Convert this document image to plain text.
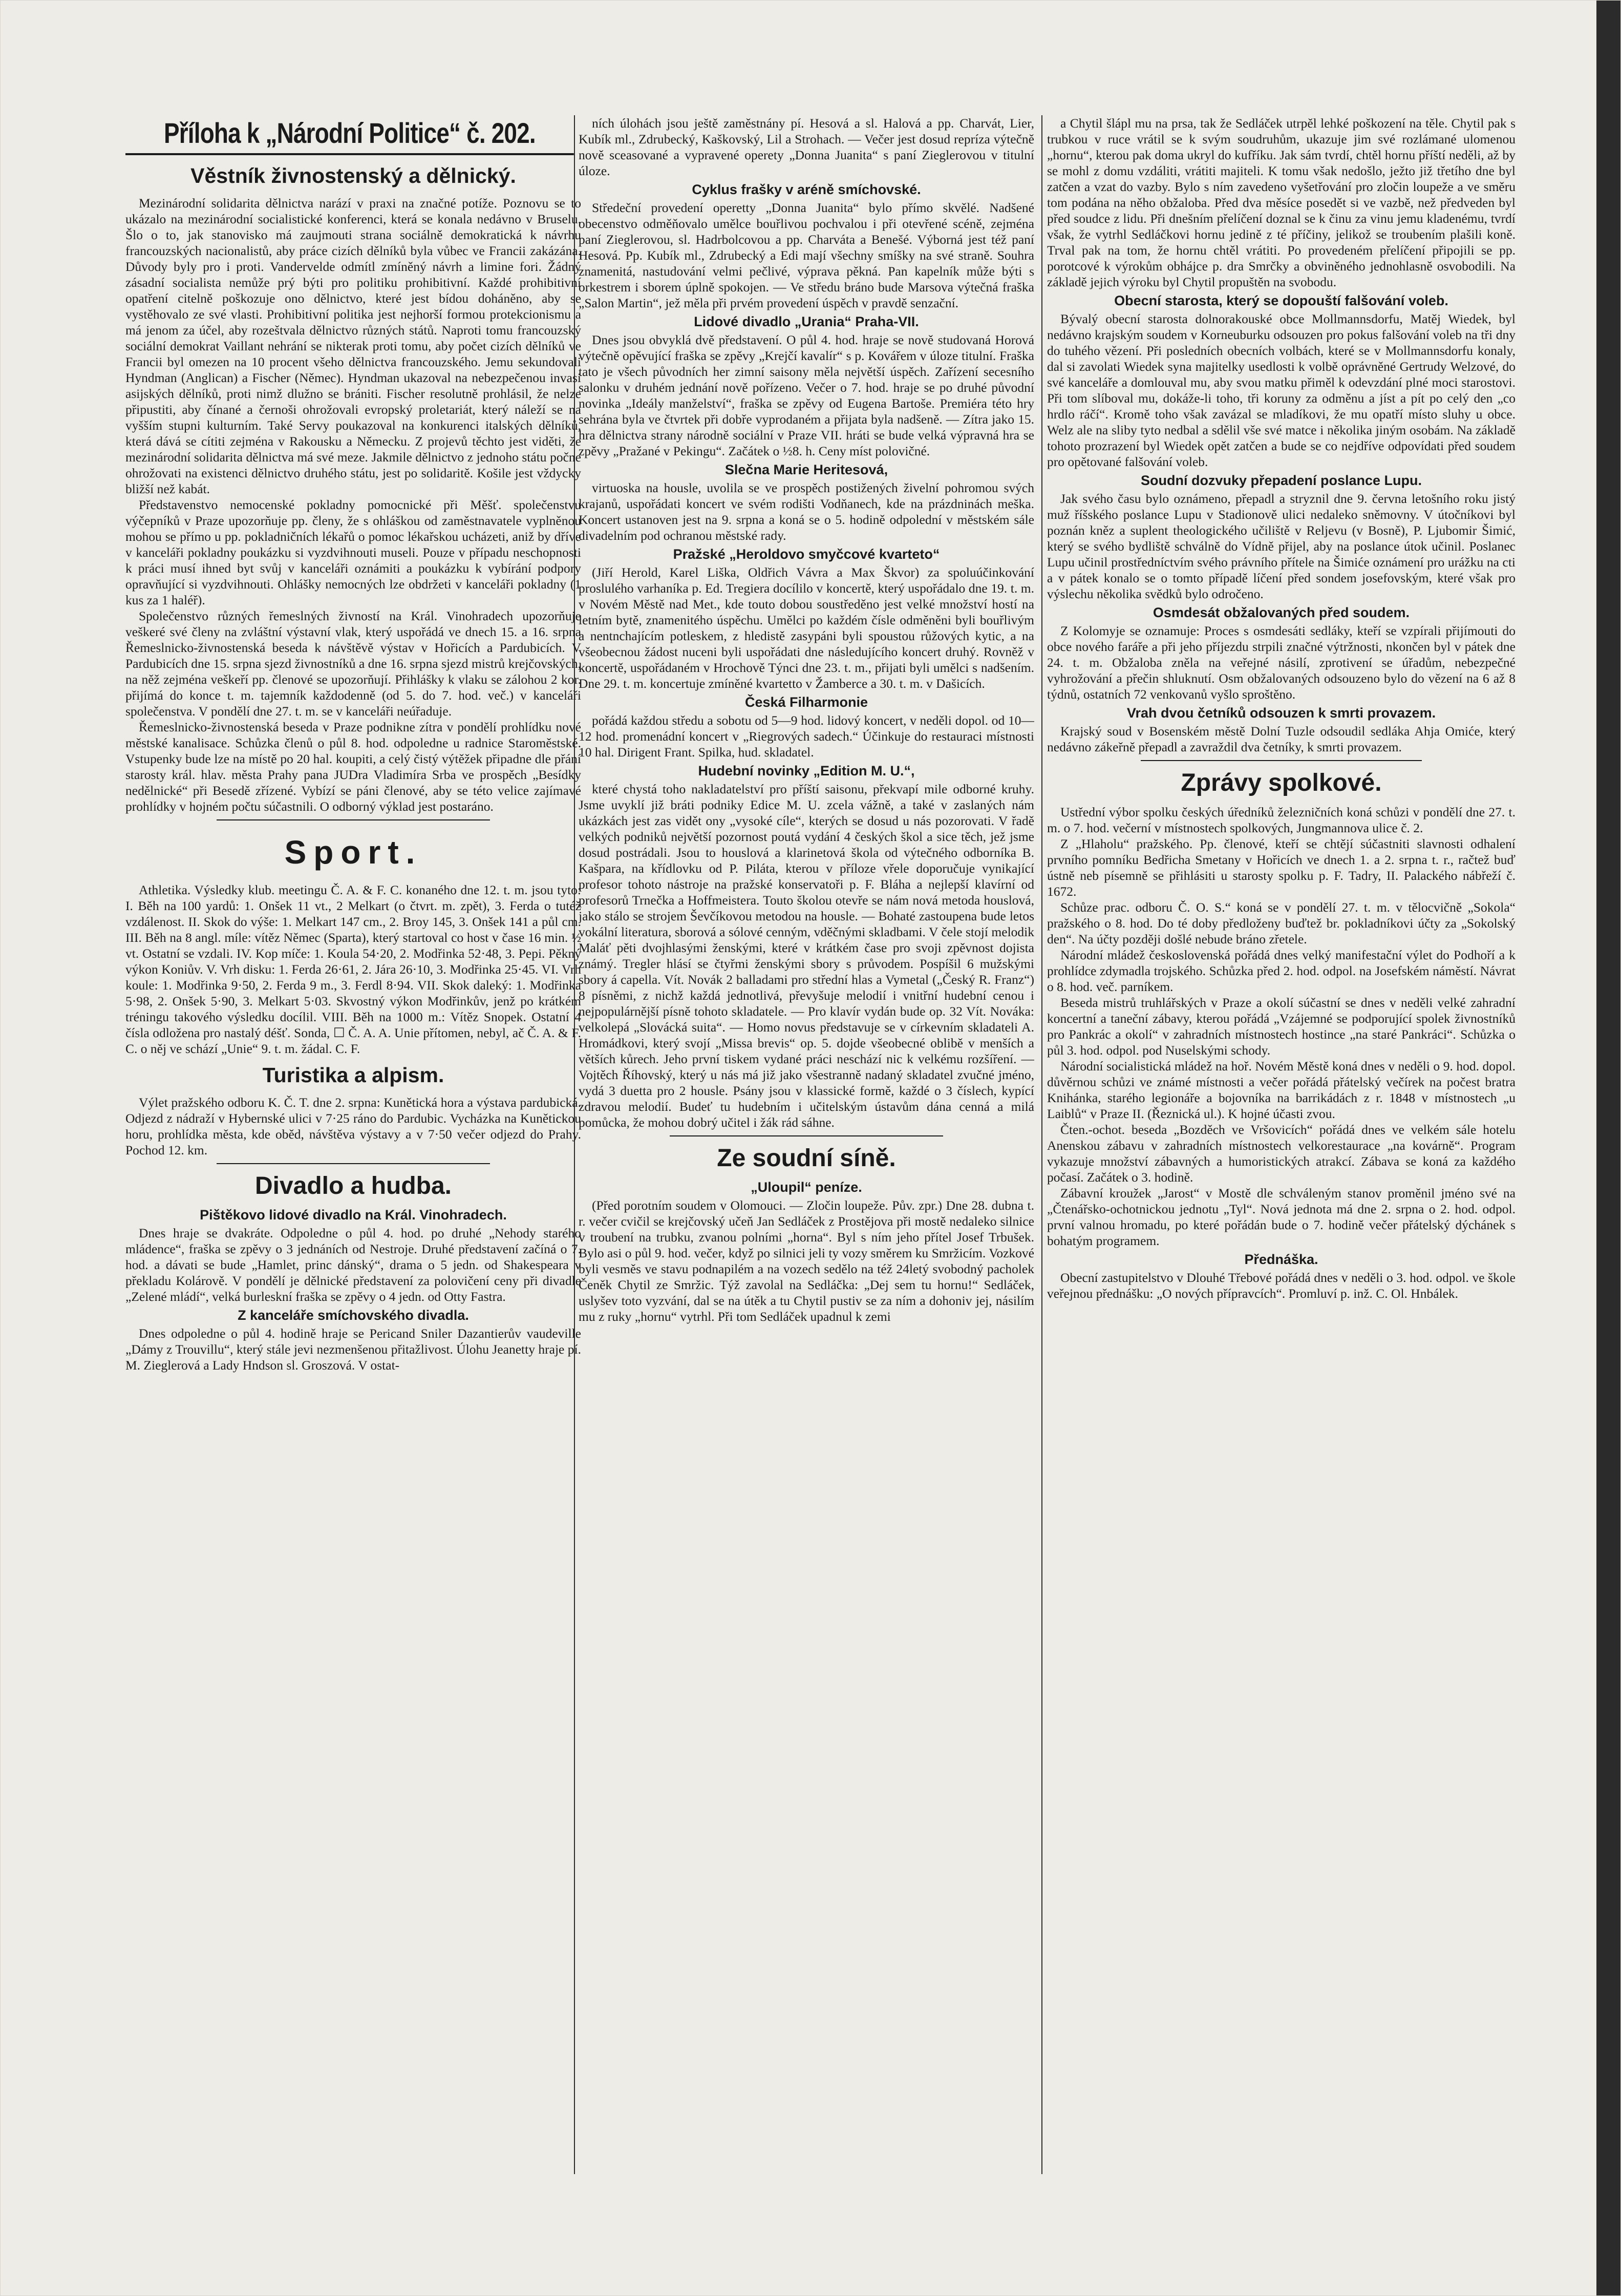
Příloha k „Národní Politice“ č. 202.
Věstník živnostenský a dělnický.

Mezinárodní solidarita dělnictva narází v praxi na značné potíže. Poznovu se to ukázalo na mezinárodní socialistické konferenci, která se konala nedávno v Bruselu. Šlo o to, jak stanovisko má zaujmouti strana sociálně demokratická k návrhu francouzských nacionalistů, aby práce cizích dělníků byla vůbec ve Francii zakázána. Důvody byly pro i proti. Vandervelde odmítl zmíněný návrh a limine fori. Žádný zásadní socialista nemůže prý býti pro politiku prohibitivní. Každé prohibitivní opatření citelně poškozuje ono dělnictvo, které jest bídou doháněno, aby se vystěhovalo ze své vlasti. Prohibitivní politika jest nejhorší formou protekcionismu a má jenom za účel, aby rozeštvala dělnictvo různých států. Naproti tomu francouzský sociální demokrat Vaillant nehrání se nikterak proti tomu, aby počet cizích dělníků ve Francii byl omezen na 10 procent všeho dělnictva francouzského. Jemu sekundovali Hyndman (Anglican) a Fischer (Němec). Hyndman ukazoval na nebezpečenou invasi asijských dělníků, proti nimž dlužno se brániti. Fischer resolutně prohlásil, že nelze připustiti, aby čínané a černoši ohrožovali evropský proletariát, který náleží se na vyšším stupni kulturním. Také Servy poukazoval na konkurenci italských dělníků, která dává se cítiti zejména v Rakousku a Německu. Z projevů těchto jest viděti, že mezinárodní solidarita dělnictva má své meze. Jakmile dělnictvo z jednoho státu počne ohrožovati na existenci dělnictvo druhého státu, jest po solidaritě. Košile jest vždycky bližší než kabát.

Představenstvo nemocenské pokladny pomocnické při Měšť. společenstvu výčepníků v Praze upozorňuje pp. členy, že s ohláškou od zaměstnavatele vyplněnou mohou se přímo u pp. pokladničních lékařů o pomoc lékařskou ucházeti, aniž by dříve v kanceláři pokladny poukázku si vyzdvihnouti museli. Pouze v případu neschopnosti k práci musí ihned byt svůj v kanceláři oznámiti a poukázku k vybírání podpory opravňující si vyzdvihnouti. Ohlášky nemocných lze obdržeti v kanceláři pokladny (1 kus za 1 haléř).

Společenstvo různých řemeslných živností na Král. Vinohradech upozorňuje veškeré své členy na zvláštní výstavní vlak, který uspořádá ve dnech 15. a 16. srpna Řemeslnicko-živnostenská beseda k návštěvě výstav v Hořicích a Pardubicích. V Pardubicích dne 15. srpna sjezd živnostníků a dne 16. srpna sjezd mistrů krejčovských, na něž zejména veškeří pp. členové se upozorňují. Přihlášky k vlaku se zálohou 2 kor. přijímá do konce t. m. tajemník každodenně (od 5. do 7. hod. več.) v kanceláři společenstva. V pondělí dne 27. t. m. se v kanceláři neúřaduje.

Řemeslnicko-živnostenská beseda v Praze podnikne zítra v pondělí prohlídku nové městské kanalisace. Schůzka členů o půl 8. hod. odpoledne u radnice Staroměstské. Vstupenky bude lze na místě po 20 hal. koupiti, a celý čistý výtěžek připadne dle přání starosty král. hlav. města Prahy pana JUDra Vladimíra Srba ve prospěch „Besídky nedělnické“ při Besedě zřízené. Vybízí se páni členové, aby se této velice zajímavé prohlídky v hojném počtu súčastnili. O odborný výklad jest postaráno.

Sport.

Athletika. Výsledky klub. meetingu Č. A. & F. C. konaného dne 12. t. m. jsou tyto: I. Běh na 100 yardů: 1. Onšek 11 vt., 2 Melkart (o čtvrt. m. zpět), 3. Ferda o tutéž vzdálenost. II. Skok do výše: 1. Melkart 147 cm., 2. Broy 145, 3. Onšek 141 a půl cm. III. Běh na 8 angl. míle: vítěz Němec (Sparta), který startoval co host v čase 16 min. ½ vt. Ostatní se vzdali. IV. Kop míče: 1. Koula 54·20, 2. Modřinka 52·48, 3. Pepi. Pěkný výkon Koniův. V. Vrh disku: 1. Ferda 26·61, 2. Jára 26·10, 3. Modřinka 25·45. VI. Vrh koule: 1. Modřinka 9·50, 2. Ferda 9 m., 3. Ferdl 8·94. VII. Skok daleký: 1. Modřinka 5·98, 2. Onšek 5·90, 3. Melkart 5·03. Skvostný výkon Modřinkův, jenž po krátkém tréningu takového výsledku docílil. VIII. Běh na 1000 m.: Vítěz Snopek. Ostatní 4 čísla odložena pro nastalý déšť. Sonda, ☐ Č. A. A. Unie přítomen, nebyl, ač Č. A. & F. C. o něj ve schází „Unie“ 9. t. m. žádal. C. F.

Turistika a alpism.

Výlet pražského odboru K. Č. T. dne 2. srpna: Kunětická hora a výstava pardubická. Odjezd z nádraží v Hybernské ulici v 7·25 ráno do Pardubic. Vycházka na Kunětickou horu, prohlídka města, kde oběd, návštěva výstavy a v 7·50 večer odjezd do Prahy. Pochod 12. km.

Divadlo a hudba.
Pištěkovo lidové divadlo na Král. Vinohradech.

Dnes hraje se dvakráte. Odpoledne o půl 4. hod. po druhé „Nehody starého mládence“, fraška se zpěvy o 3 jednáních od Nestroje. Druhé představení začíná o 7. hod. a dávati se bude „Hamlet, princ dánský“, drama o 5 jedn. od Shakespeara v překladu Kolárově. V pondělí je dělnické představení za polovičení ceny při divadle „Zelené mládí“, velká burleskní fraška se zpěvy o 4 jedn. od Otty Fastra.

Z kanceláře smíchovského divadla.

Dnes odpoledne o půl 4. hodině hraje se Pericand Sniler Dazantierův vaudeville „Dámy z Trouvillu“, který stále jevi nezmenšenou přitažlivost. Úlohu Jeanetty hraje pí. M. Zieglerová a Lady Hndson sl. Groszová. V ostat-

ních úlohách jsou ještě zaměstnány pí. Hesová a sl. Halová a pp. Charvát, Lier, Kubík ml., Zdrubecký, Kaškovský, Lil a Strohach. — Večer jest dosud repríza výtečně nově sceasované a vypravené operety „Donna Juanita“ s paní Zieglerovou v titulní úloze.

Cyklus frašky v aréně smíchovské.

Středeční provedení operetty „Donna Juanita“ bylo přímo skvělé. Nadšené obecenstvo odměňovalo umělce bouřlivou pochvalou i při otevřené scéně, zejména paní Zieglerovou, sl. Hadrbolcovou a pp. Charváta a Benešé. Výborná jest též paní Hesová. Pp. Kubík ml., Zdrubecký a Edi mají všechny smíšky na své straně. Souhra znamenitá, nastudování velmi pečlivé, výprava pěkná. Pan kapelník může býti s orkestrem i sborem úplně spokojen. — Ve středu bráno bude Marsova výtečná fraška „Salon Martin“, jež měla při prvém provedení úspěch v pravdě senzační.

Lidové divadlo „Urania“ Praha-VII.

Dnes jsou obvyklá dvě představení. O půl 4. hod. hraje se nově studovaná Horová výtečně opěvující fraška se zpěvy „Krejčí kavalír“ s p. Kovářem v úloze titulní. Fraška tato je všech původních her zimní saisony měla největší úspěch. Zařízení secesního salonku v druhém jednání nově pořízeno. Večer o 7. hod. hraje se po druhé původní novinka „Ideály manželství“, fraška se zpěvy od Eugena Bartoše. Premiéra této hry sehrána byla ve čtvrtek při dobře vyprodaném a přijata byla nadšeně. — Zítra jako 15. hra dělnictva strany národně sociální v Praze VII. hráti se bude velká výpravná hra se zpěvy „Pražané v Pekingu“. Začátek o ½8. h. Ceny míst polovičné.

Slečna Marie Heritesová,

virtuoska na housle, uvolila se ve prospěch postižených živelní pohromou svých krajanů, uspořádati koncert ve svém rodišti Vodňanech, kde na prázdninách meška. Koncert ustanoven jest na 9. srpna a koná se o 5. hodině odpolední v městském sále divadelním pod ochranou městské rady.

Pražské „Heroldovo smyčcové kvarteto“

(Jiří Herold, Karel Liška, Oldřich Vávra a Max Škvor) za spoluúčinkování proslulého varhaníka p. Ed. Tregiera docílilo v koncertě, který uspořádalo dne 19. t. m. v Novém Městě nad Met., kde touto dobou soustředěno jest velké množství hostí na letním bytě, znamenitého úspěchu. Umělci po každém čísle odměněni byli bouřlivým a nentnchajícím potleskem, z hledistě zasypáni byli spoustou růžových kytic, a na všeobecnou žádost nuceni byli uspořádati dne následujícího koncert druhý. Rovněž v koncertě, uspořádaném v Hrochově Týnci dne 23. t. m., přijati byli umělci s nadšením. Dne 29. t. m. koncertuje zmíněné kvartetto v Žamberce a 30. t. m. v Dašicích.

Česká Filharmonie

pořádá každou středu a sobotu od 5—9 hod. lidový koncert, v neděli dopol. od 10—12 hod. promenádní koncert v „Riegrových sadech.“ Účinkuje do restauraci místnosti 10 hal. Dirigent Frant. Spilka, hud. skladatel.

Hudební novinky „Edition M. U.“,

které chystá toho nakladatelství pro příští saisonu, překvapí mile odborné kruhy. Jsme uvyklí již bráti podniky Edice M. U. zcela vážně, a také v zaslaných nám ukázkách jest zas vidět ony „vysoké cíle“, kterých se dosud u nás pozorovati. V řadě velkých podniků největší pozornost poutá vydání 4 českých škol a sice těch, jež jsme dosud postrádali. Jsou to houslová a klarinetová škola od výtečného odborníka B. Kašpara, na křídlovku od P. Piláta, kterou v příloze vřele doporučuje vynikající profesor tohoto nástroje na pražské konservatoři p. F. Bláha a nejlepší klavírní od profesorů Trnečka a Hoffmeistera. Touto školou otevře se nám nová metoda houslová, jako stálo se strojem Ševčíkovou metodou na housle. — Bohaté zastoupena bude letos vokální literatura, sborová a sólové cenným, vděčnými skladbami. V čele stojí melodik Maláť pěti dvojhlasými ženskými, které v krátkém čase pro svoji zpěvnost dojista známý. Tregler hlásí se čtyřmi ženskými sbory s průvodem. Pospíšil 6 mužskými sbory á capella. Vít. Novák 2 balladami pro střední hlas a Vymetal („Český R. Franz“) 8 písněmi, z nichž každá jednotlivá, převyšuje melodií i vnitřní hudební cenou i nejpopulárnější písně tohoto skladatele. — Pro klavír vydán bude op. 32 Vít. Nováka: velkolepá „Slovácká suita“. — Homo novus představuje se v církevním skladateli A. Hromádkovi, který svojí „Missa brevis“ op. 5. dojde všeobecné oblibě v menších a větších kůrech. Jeho první tiskem vydané práci neschází nic k velkému rozšíření. — Vojtěch Říhovský, který u nás má již jako všestranně nadaný skladatel zvučné jméno, vydá 3 duetta pro 2 housle. Psány jsou v klassické formě, každé o 3 číslech, kypící zdravou melodií. Budeť tu hudebním i učitelským ústavům dána cenná a milá pomůcka, že mohou dobrý učitel i žák rád sáhne.

Ze soudní síně.
„Uloupil“ peníze.

(Před porotním soudem v Olomouci. — Zločin loupeže. Pův. zpr.) Dne 28. dubna t. r. večer cvičil se krejčovský učeň Jan Sedláček z Prostějova při mostě nedaleko silnice v troubení na trubku, zvanou polními „horna“. Byl s ním jeho přítel Josef Trbušek. Bylo asi o půl 9. hod. večer, když po silnici jeli ty vozy směrem ku Smržicím. Vozkové byli vesměs ve stavu podnapilém a na vozech sedělo na též 24letý svobodný pacholek Čeněk Chytil ze Smržic. Týž zavolal na Sedláčka: „Dej sem tu hornu!“ Sedláček, uslyšev toto vyzvání, dal se na útěk a tu Chytil pustiv se za ním a dohoniv jej, násilím mu z ruky „hornu“ vytrhl. Při tom Sedláček upadnul k zemi

a Chytil šlápl mu na prsa, tak že Sedláček utrpěl lehké poškození na těle. Chytil pak s trubkou v ruce vrátil se k svým soudruhům, ukazuje jim své rozlámané ulomenou „hornu“, kterou pak doma ukryl do kufříku. Jak sám tvrdí, chtěl hornu příští neděli, až by se mohl z domu vzdáliti, vrátiti majiteli. K tomu však nedošlo, ježto již třetího dne byl zatčen a vzat do vazby. Bylo s ním zavedeno vyšetřování pro zločin loupeže a ve směru tom podána na něho obžaloba. Před dva měsíce posedět si ve vazbě, než předveden byl před soudce z lidu. Při dnešním přelíčení doznal se k činu za vinu jemu kladenému, tvrdí však, že vytrhl Sedláčkovi hornu jedině z té příčiny, jelikož se troubením plašili koně. Trval pak na tom, že hornu chtěl vrátiti. Po provedeném přelíčení připojili se pp. porotcové k výrokům obhájce p. dra Smrčky a obviněného jednohlasně osvobodili. Na základě jejich výroku byl Chytil propuštěn na svobodu.

Obecní starosta, který se dopouští falšování voleb.

Bývalý obecní starosta dolnorakouské obce Mollmannsdorfu, Matěj Wiedek, byl nedávno krajským soudem v Korneuburku odsouzen pro pokus falšování voleb na tři dny do tuhého vězení. Při posledních obecních volbách, které se v Mollmannsdorfu konaly, dal si zavolati Wiedek syna majitelky usedlosti k volbě oprávněné Gertrudy Welzové, do své kanceláře a domlouval mu, aby svou matku přiměl k odevzdání plné moci starostovi. Při tom slíboval mu, dokáže-li toho, tři koruny za odměnu a jíst a pít po celý den „co hrdlo ráčí“. Kromě toho však zavázal se mladíkovi, že mu opatří místo sluhy u obce. Welz ale na sliby tyto nedbal a sdělil vše své matce i několika jiným osobám. Na základě tohoto prozrazení byl Wiedek opět zatčen a bude se co nejdříve odpovídati před soudem pro opětované falšování voleb.

Soudní dozvuky přepadení poslance Lupu.

Jak svého času bylo oznámeno, přepadl a stryznil dne 9. června letošního roku jistý muž říšského poslance Lupu v Stadionově ulici nedaleko sněmovny. V útočníkovi byl poznán kněz a suplent theologického učiliště v Reljevu (v Bosně), P. Ljubomir Šimić, který se svého bydliště schválně do Vídně přijel, aby na poslance útok učinil. Poslanec Lupu učinil prostředníctvím svého právního přítele na Šimiće oznámení pro urážku na cti a v pátek konalo se o tomto případě líčení před sondem josefovským, které však pro výslechu několika svědků bylo odročeno.

Osmdesát obžalovaných před soudem.

Z Kolomyje se oznamuje: Proces s osmdesáti sedláky, kteří se vzpírali přijímouti do obce nového faráře a při jeho příjezdu strpili značné výtržnosti, nkončen byl v pátek dne 24. t. m. Obžaloba zněla na veřejné násilí, zprotivení se úřadům, nebezpečné vyhrožování a přečin shluknutí. Osm obžalovaných odsouzeno bylo do vězení na 6 až 8 týdnů, ostatních 72 venkovanů vyšlo sproštěno.

Vrah dvou četníků odsouzen k smrti provazem.

Krajský soud v Bosenském městě Dolní Tuzle odsoudil sedláka Ahja Omiće, který nedávno zákeřně přepadl a zavraždil dva četníky, k smrti provazem.

Zprávy spolkové.

Ustřední výbor spolku českých úředníků železničních koná schůzi v pondělí dne 27. t. m. o 7. hod. večerní v místnostech spolkových, Jungmannova ulice č. 2.

Z „Hlaholu“ pražského. Pp. členové, kteří se chtějí súčastniti slavnosti odhalení prvního pomníku Bedřicha Smetany v Hořicích ve dnech 1. a 2. srpna t. r., račtež buď ústně neb písemně se přihlásiti u starosty spolku p. F. Tadry, II. Palackého nábřeží č. 1672.

Schůze prac. odboru Č. O. S.“ koná se v pondělí 27. t. m. v tělocvičně „Sokola“ pražského o 8. hod. Do té doby předloženy buďtež br. pokladníkovi účty za „Sokolský den“. Na účty později došlé nebude bráno zřetele.

Národní mládež československá pořádá dnes velký manifestační výlet do Podhoří a k prohlídce zdymadla trojského. Schůzka před 2. hod. odpol. na Josefském náměstí. Návrat o 8. hod. več. parníkem.

Beseda mistrů truhlářských v Praze a okolí súčastní se dnes v neděli velké zahradní koncertní a taneční zábavy, kterou pořádá „Vzájemné se podporující spolek živnostníků pro Pankrác a okolí“ v zahradních místnostech hostince „na staré Pankráci“. Schůzka o půl 3. hod. odpol. pod Nuselskými schody.

Národní socialistická mládež na hoř. Novém Městě koná dnes v neděli o 9. hod. dopol. důvěrnou schůzi ve známé místnosti a večer pořádá přátelský večírek na počest bratra Knihánka, starého legionáře a bojovníka na barrikádách z r. 1848 v místnostech „u Laiblů“ v Praze II. (Řeznická ul.). K hojné účasti zvou.

Čten.-ochot. beseda „Bozděch ve Vršovicích“ pořádá dnes ve velkém sále hotelu Anenskou zábavu v zahradních místnostech velkorestaurace „na kovárně“. Program vykazuje množství zábavných a humoristických atrakcí. Zábava se koná za každého počasí. Začátek o 3. hodině.

Zábavní kroužek „Jarost“ v Mostě dle schváleným stanov proměnil jméno své na „Čtenářsko-ochotnickou jednotu „Tyl“. Nová jednota má dne 2. srpna o 2. hod. odpol. první valnou hromadu, po které pořádán bude o 7. hodině večer přátelský dýchánek s bohatým programem.

Přednáška.

Obecní zastupitelstvo v Dlouhé Třebové pořádá dnes v neděli o 3. hod. odpol. ve škole veřejnou přednášku: „O nových přípravcích“. Promluví p. inž. C. Ol. Hnbálek.
